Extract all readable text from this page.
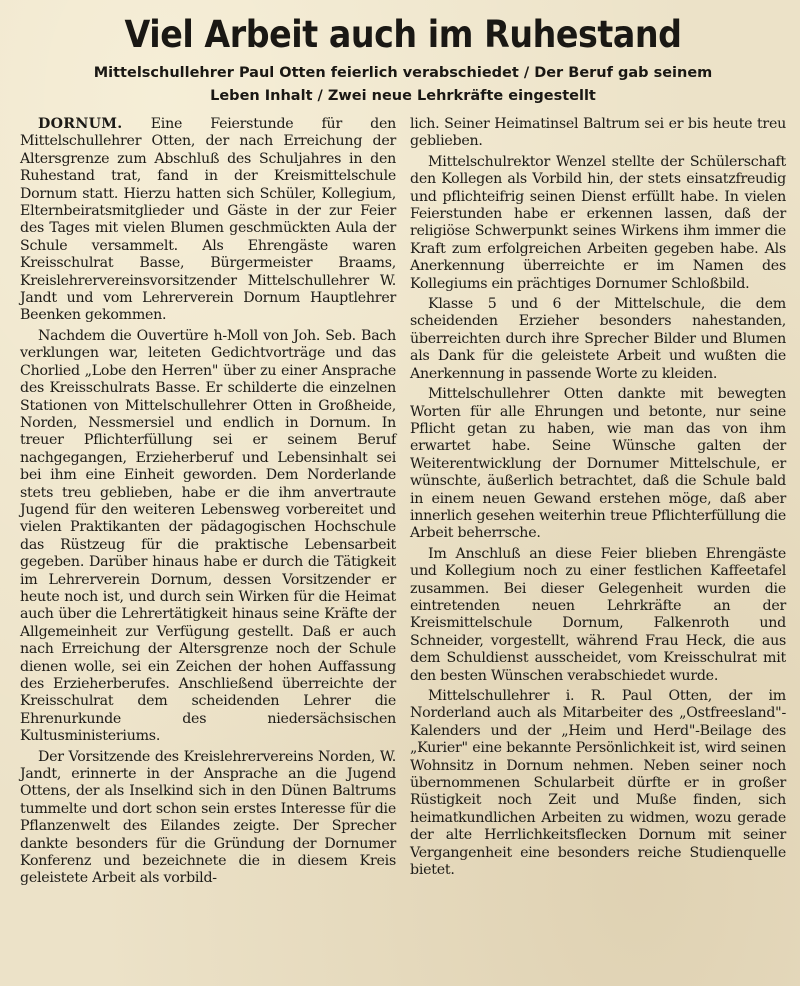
Viel Arbeit auch im Ruhestand
Mittelschullehrer Paul Otten feierlich verabschiedet / Der Beruf gab seinem
Leben Inhalt / Zwei neue Lehrkräfte eingestellt

DORNUM. Eine Feierstunde für den Mittelschullehrer Otten, der nach Erreichung der Altersgrenze zum Abschluß des Schuljahres in den Ruhestand trat, fand in der Kreismittelschule Dornum statt. Hierzu hatten sich Schüler, Kollegium, Elternbeiratsmitglieder und Gäste in der zur Feier des Tages mit vielen Blumen geschmückten Aula der Schule versammelt. Als Ehrengäste waren Kreisschulrat Basse, Bürgermeister Braams, Kreislehrervereinsvorsitzender Mittelschullehrer W. Jandt und vom Lehrerverein Dornum Hauptlehrer Beenken gekommen.

Nachdem die Ouvertüre h-Moll von Joh. Seb. Bach verklungen war, leiteten Gedichtvorträge und das Chorlied „Lobe den Herren" über zu einer Ansprache des Kreisschulrats Basse. Er schilderte die einzelnen Stationen von Mittelschullehrer Otten in Großheide, Norden, Nessmersiel und endlich in Dornum. In treuer Pflichterfüllung sei er seinem Beruf nachgegangen, Erzieherberuf und Lebensinhalt sei bei ihm eine Einheit geworden. Dem Norderlande stets treu geblieben, habe er die ihm anvertraute Jugend für den weiteren Lebensweg vorbereitet und vielen Praktikanten der pädagogischen Hochschule das Rüstzeug für die praktische Lebensarbeit gegeben. Darüber hinaus habe er durch die Tätigkeit im Lehrerverein Dornum, dessen Vorsitzender er heute noch ist, und durch sein Wirken für die Heimat auch über die Lehrertätigkeit hinaus seine Kräfte der Allgemeinheit zur Verfügung gestellt. Daß er auch nach Erreichung der Altersgrenze noch der Schule dienen wolle, sei ein Zeichen der hohen Auffassung des Erzieherberufes. Anschließend überreichte der Kreisschulrat dem scheidenden Lehrer die Ehrenurkunde des niedersächsischen Kultusministeriums.

Der Vorsitzende des Kreislehrervereins Norden, W. Jandt, erinnerte in der Ansprache an die Jugend Ottens, der als Inselkind sich in den Dünen Baltrums tummelte und dort schon sein erstes Interesse für die Pflanzenwelt des Eilandes zeigte. Der Sprecher dankte besonders für die Gründung der Dornumer Konferenz und bezeichnete die in diesem Kreis geleistete Arbeit als vorbild-

lich. Seiner Heimatinsel Baltrum sei er bis heute treu geblieben.

Mittelschulrektor Wenzel stellte der Schülerschaft den Kollegen als Vorbild hin, der stets einsatzfreudig und pflichteifrig seinen Dienst erfüllt habe. In vielen Feierstunden habe er erkennen lassen, daß der religiöse Schwerpunkt seines Wirkens ihm immer die Kraft zum erfolgreichen Arbeiten gegeben habe. Als Anerkennung überreichte er im Namen des Kollegiums ein prächtiges Dornumer Schloßbild.

Klasse 5 und 6 der Mittelschule, die dem scheidenden Erzieher besonders nahestanden, überreichten durch ihre Sprecher Bilder und Blumen als Dank für die geleistete Arbeit und wußten die Anerkennung in passende Worte zu kleiden.

Mittelschullehrer Otten dankte mit bewegten Worten für alle Ehrungen und betonte, nur seine Pflicht getan zu haben, wie man das von ihm erwartet habe. Seine Wünsche galten der Weiterentwicklung der Dornumer Mittelschule, er wünschte, äußerlich betrachtet, daß die Schule bald in einem neuen Gewand erstehen möge, daß aber innerlich gesehen weiterhin treue Pflichterfüllung die Arbeit beherrsche.

Im Anschluß an diese Feier blieben Ehrengäste und Kollegium noch zu einer festlichen Kaffeetafel zusammen. Bei dieser Gelegenheit wurden die eintretenden neuen Lehrkräfte an der Kreismittelschule Dornum, Falkenroth und Schneider, vorgestellt, während Frau Heck, die aus dem Schuldienst ausscheidet, vom Kreisschulrat mit den besten Wünschen verabschiedet wurde.

Mittelschullehrer i. R. Paul Otten, der im Norderland auch als Mitarbeiter des „Ostfreesland"-Kalenders und der „Heim und Herd"-Beilage des „Kurier" eine bekannte Persönlichkeit ist, wird seinen Wohnsitz in Dornum nehmen. Neben seiner noch übernommenen Schularbeit dürfte er in großer Rüstigkeit noch Zeit und Muße finden, sich heimatkundlichen Arbeiten zu widmen, wozu gerade der alte Herrlichkeitsflecken Dornum mit seiner Vergangenheit eine besonders reiche Studienquelle bietet.
